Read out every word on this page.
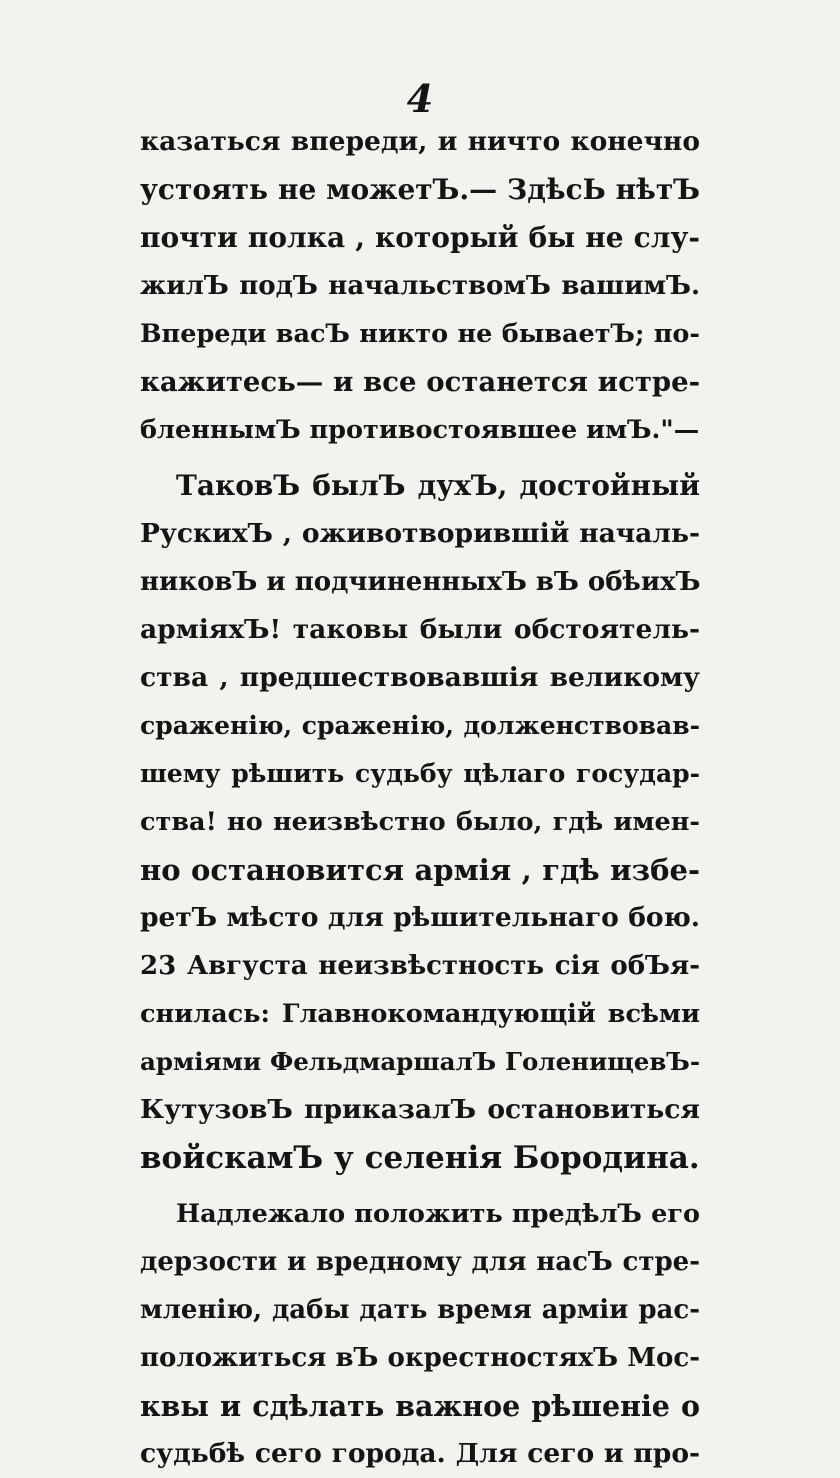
4
казаться впереди, и ничто конечно
устоять не можетЪ.— ЗдѣсЬ нѣтЪ
почти полка , который бы не слу-
жилЪ подЪ начальствомЪ вашимЪ.
Впереди васЪ никто не бываетЪ; по-
кажитесь— и все останется истре-
бленнымЪ противостоявшее имЪ."—
ТаковЪ былЪ духЪ, достойный
РускихЪ , оживотворившій началь-
никовЪ и подчиненныхЪ вЪ обѣихЪ
арміяхЪ! таковы были обстоятель-
ства , предшествовавшія великому
сраженію, сраженію, долженствовав-
шему рѣшить судьбу цѣлаго государ-
ства! но неизвѣстно было, гдѣ имен-
но остановится армія , гдѣ избе-
ретЪ мѣсто для рѣшительнаго бою.
23 Августа неизвѣстность сія обЪя-
снилась: Главнокомандующій всѣми
арміями ФельдмаршалЪ ГоленищевЪ-
КутузовЪ приказалЪ остановиться
войскамЪ у селенія Бородина.
Надлежало положить предѣлЪ его
дерзости и вредному для насЪ стре-
мленію, дабы дать время арміи рас-
положиться вЪ окрестностяхЪ Мос-
квы и сдѣлать важное рѣшеніе о
судьбѣ сего города. Для сего и про-
